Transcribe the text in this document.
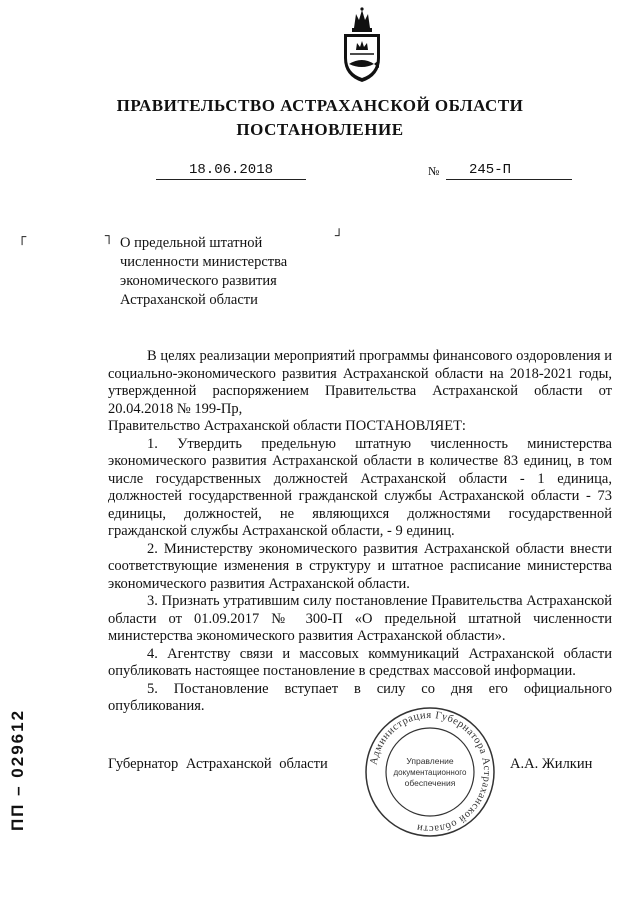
ПРАВИТЕЛЬСТВО АСТРАХАНСКОЙ ОБЛАСТИ
ПОСТАНОВЛЕНИЕ
18.06.2018	№	245-П
┌	┐	┘
О предельной штатной численности министерства экономического развития Астраханской области

В целях реализации мероприятий программы финансового оздоровления и социально-экономического развития Астраханской области на 2018-2021 годы, утвержденной распоряжением Правительства Астраханской области от 20.04.2018 № 199-Пр,

Правительство Астраханской области ПОСТАНОВЛЯЕТ:

1. Утвердить предельную штатную численность министерства экономического развития Астраханской области в количестве 83 единиц, в том числе государственных должностей Астраханской области - 1 единица, должностей государственной гражданской службы Астраханской области - 73 единицы, должностей, не являющихся должностями государственной гражданской службы Астраханской области, - 9 единиц.

2. Министерству экономического развития Астраханской области внести соответствующие изменения в структуру и штатное расписание министерства экономического развития Астраханской области.

3. Признать утратившим силу постановление Правительства Астраханской области от 01.09.2017 № 300-П «О предельной штатной численности министерства экономического развития Астраханской области».

4. Агентству связи и массовых коммуникаций Астраханской области опубликовать настоящее постановление в средствах массовой информации.

5. Постановление вступает в силу со дня его официального опубликования.

Губернатор Астраханской области	А.А. Жилкин
Администрация Губернатора Астраханской области
Управление
документационного
обеспечения
ПП – 029612
